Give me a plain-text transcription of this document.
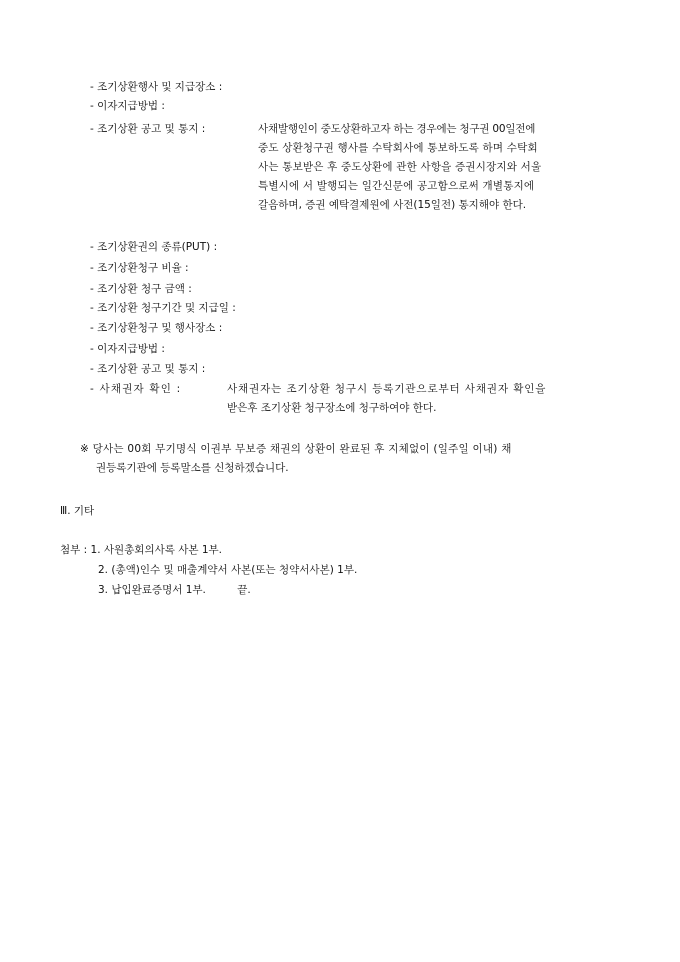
- 조기상환행사 및 지급장소 :
- 이자지급방법 :
- 조기상환 공고 및 통지 :	사채발행인이 중도상환하고자 하는 경우에는 청구권 00일전에
중도 상환청구권 행사를 수탁회사에 통보하도록 하며 수탁회
사는 통보받은 후 중도상환에 관한 사항을 증권시장지와 서울
특별시에 서 발행되는 일간신문에 공고함으로써 개별통지에
갈음하며, 증권 예탁결제원에 사전(15일전) 통지해야 한다.
- 조기상환권의 종류(PUT) :
- 조기상환청구 비율 :
- 조기상환 청구 금액 :
- 조기상환 청구기간 및 지급일 :
- 조기상환청구 및 행사장소 :
- 이자지급방법 :
- 조기상환 공고 및 통지 :
- 사채권자 확인 :	사채권자는 조기상환 청구시 등록기관으로부터 사채권자 확인을
받은후 조기상환 청구장소에 청구하여야 한다.
※ 당사는 00회 무기명식 이권부 무보증 채권의 상환이 완료된 후 지체없이 (일주일 이내) 채
권등록기관에 등록말소를 신청하겠습니다.
Ⅲ. 기타
첨부 : 1. 사원총회의사록 사본 1부.
2. (총액)인수 및 매출계약서 사본(또는 청약서사본) 1부.
3. 납입완료증명서 1부.	끝.
